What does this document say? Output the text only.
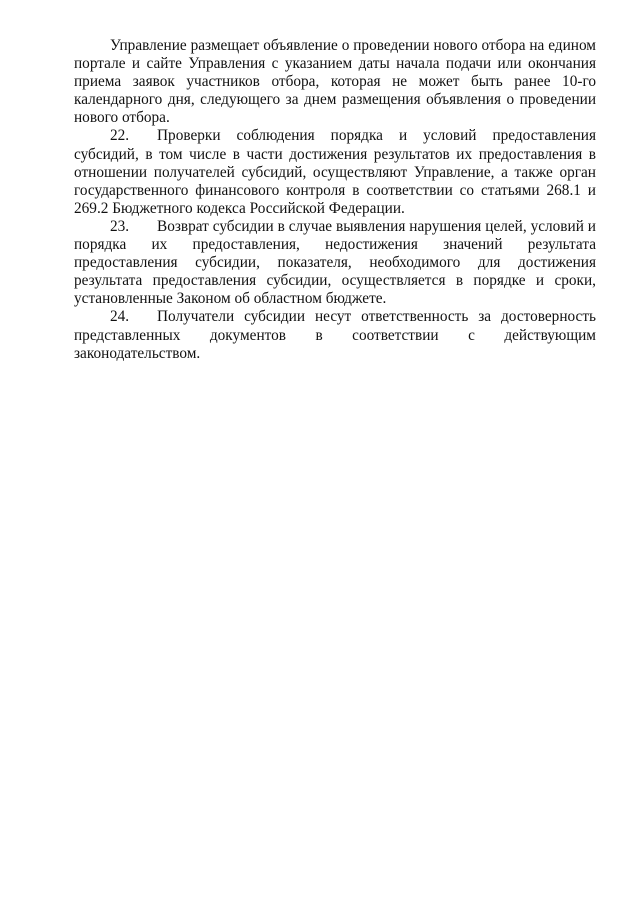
Управление размещает объявление о проведении нового отбора на едином портале и сайте Управления с указанием даты начала подачи или окончания приема заявок участников отбора, которая не может быть ранее 10-го календарного дня, следующего за днем размещения объявления о проведении нового отбора.

22. Проверки соблюдения порядка и условий предоставления субсидий, в том числе в части достижения результатов их предоставления в отношении получателей субсидий, осуществляют Управление, а также орган государственного финансового контроля в соответствии со статьями 268.1 и 269.2 Бюджетного кодекса Российской Федерации.

23. Возврат субсидии в случае выявления нарушения целей, условий и порядка их предоставления, недостижения значений результата предоставления субсидии, показателя, необходимого для достижения результата предоставления субсидии, осуществляется в порядке и сроки, установленные Законом об областном бюджете.

24. Получатели субсидии несут ответственность за достоверность представленных документов в соответствии с действующим законодательством.
